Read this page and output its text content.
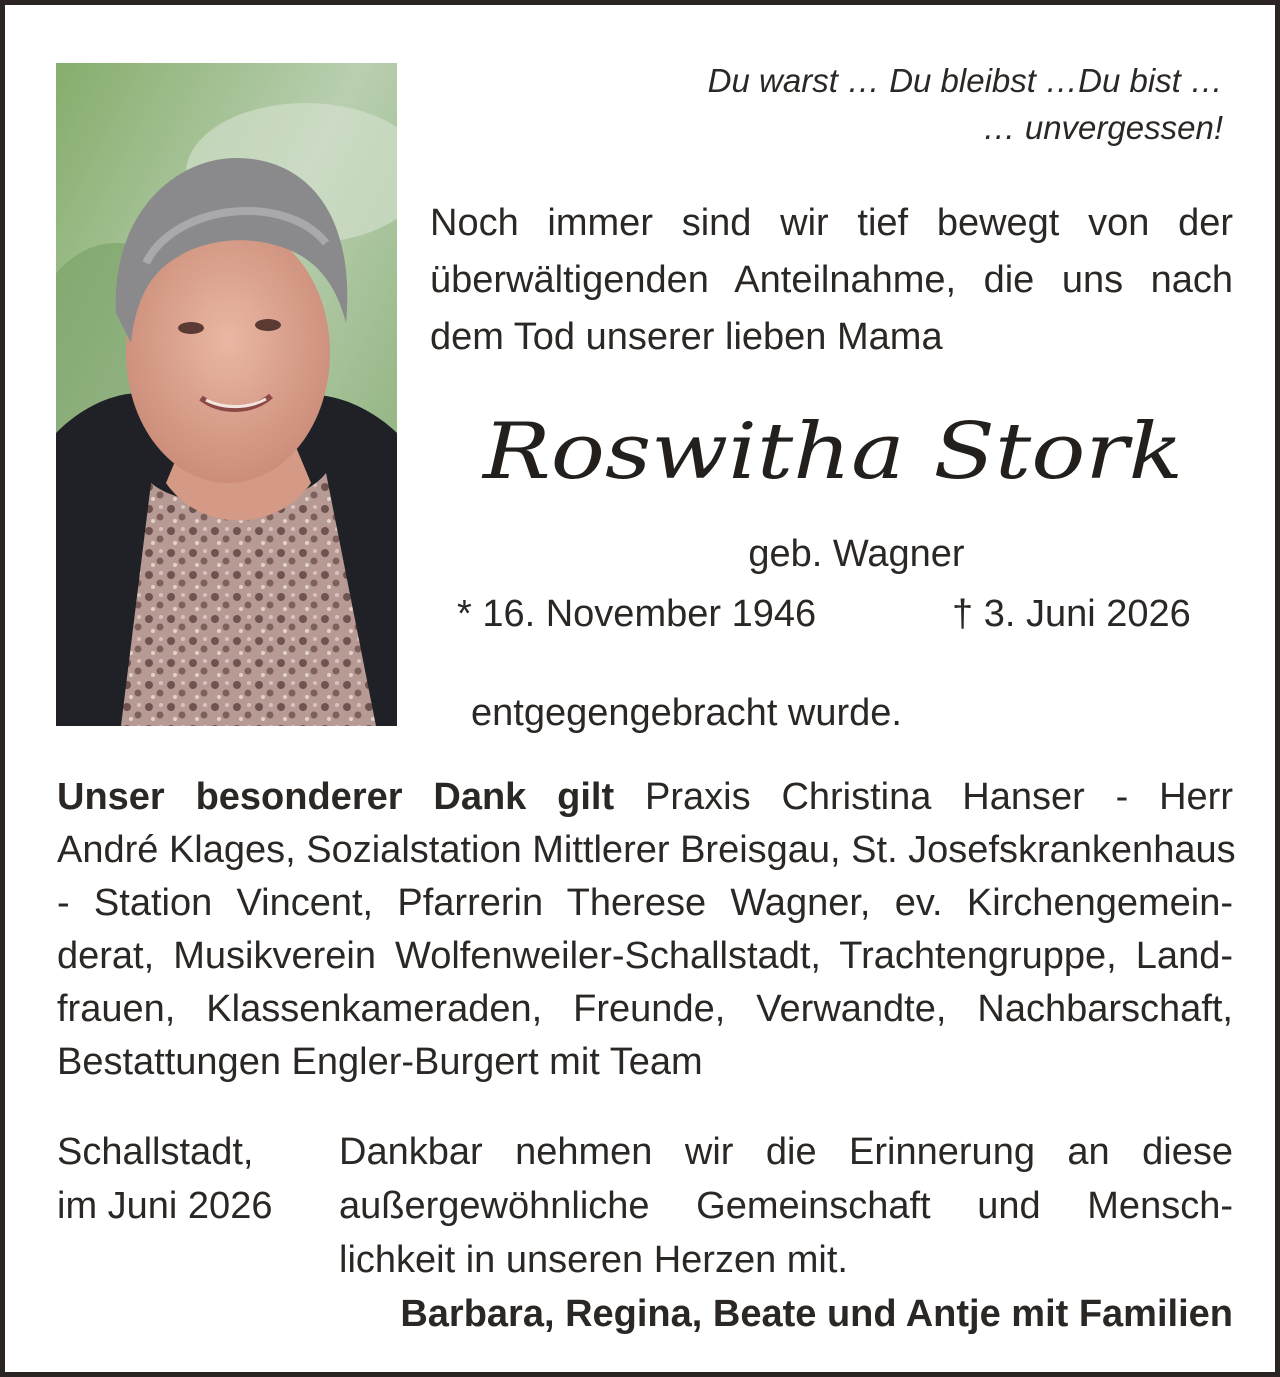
Du warst … Du bleibst …Du bist …
… unvergessen!
Noch immer sind wir tief bewegt von der
überwältigenden Anteilnahme, die uns nach
dem Tod unserer lieben Mama
Roswitha Stork
geb. Wagner
* 16. November 1946	† 3. Juni 2026
entgegengebracht wurde.
Unser besonderer Dank gilt Praxis Christina Hanser - Herr
André Klages, Sozialstation Mittlerer Breisgau, St. Josefskrankenhaus
- Station Vincent, Pfarrerin Therese Wagner, ev. Kirchengemein-
derat, Musikverein Wolfenweiler-Schallstadt, Trachtengruppe, Land-
frauen, Klassenkameraden, Freunde, Verwandte, Nachbarschaft,
Bestattungen Engler-Burgert mit Team
Schallstadt,
im Juni 2026
Dankbar nehmen wir die Erinnerung an diese
außergewöhnliche Gemeinschaft und Mensch-
lichkeit in unseren Herzen mit.
Barbara, Regina, Beate und Antje mit Familien
